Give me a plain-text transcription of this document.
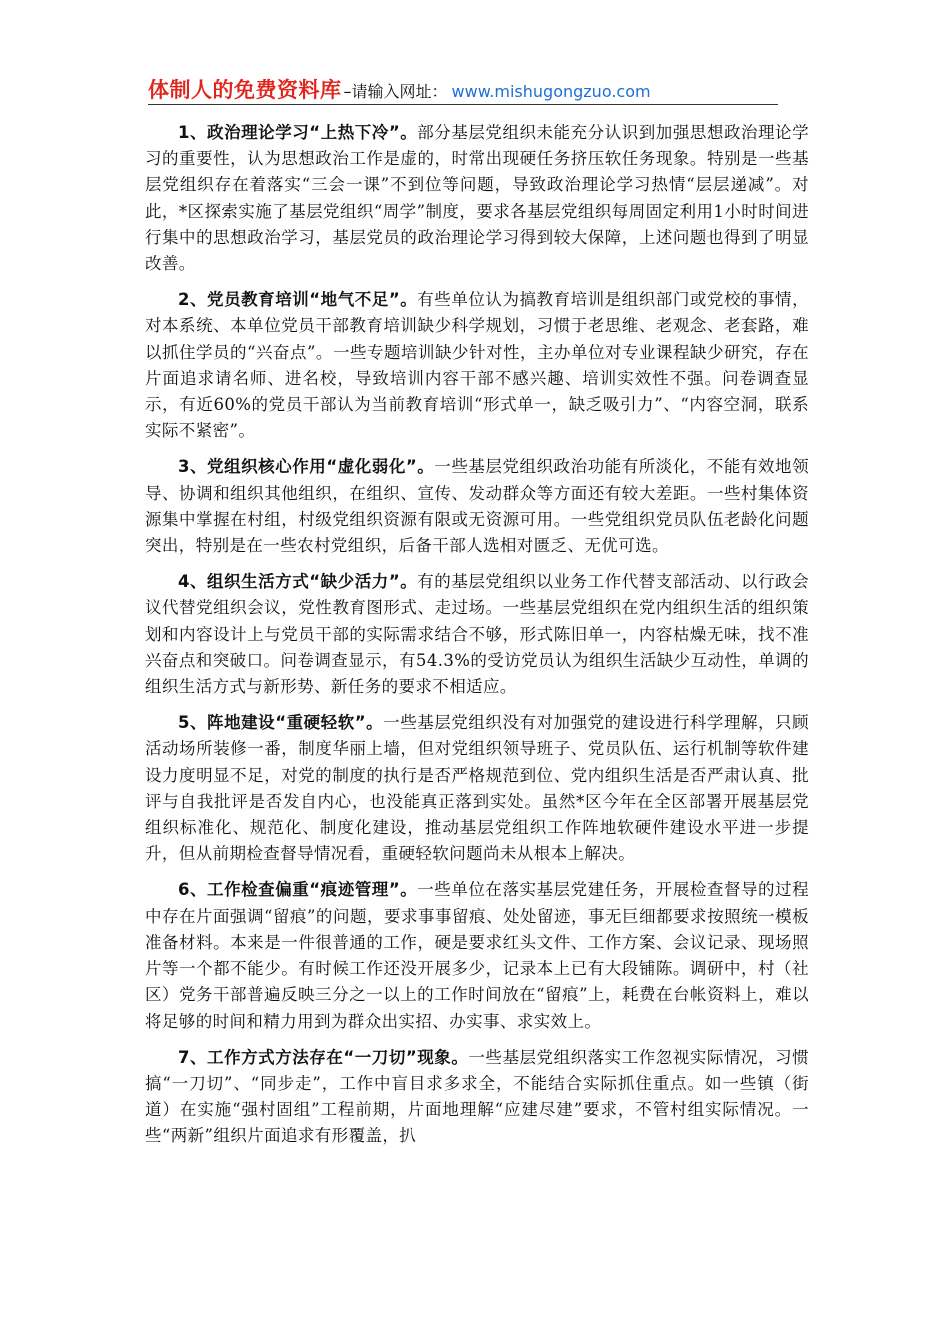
体制人的免费资料库 –请输入网址： www.mishugongzuo.com

1、政治理论学习“上热下冷”。部分基层党组织未能充分认识到加强思想政治理论学习的重要性，认为思想政治工作是虚的，时常出现硬任务挤压软任务现象。特别是一些基层党组织存在着落实“三会一课”不到位等问题，导致政治理论学习热情“层层递减”。对此，*区探索实施了基层党组织“周学”制度，要求各基层党组织每周固定利用1小时时间进行集中的思想政治学习，基层党员的政治理论学习得到较大保障，上述问题也得到了明显改善。

2、党员教育培训“地气不足”。有些单位认为搞教育培训是组织部门或党校的事情，对本系统、本单位党员干部教育培训缺少科学规划，习惯于老思维、老观念、老套路，难以抓住学员的“兴奋点”。一些专题培训缺少针对性，主办单位对专业课程缺少研究，存在片面追求请名师、进名校，导致培训内容干部不感兴趣、培训实效性不强。问卷调查显示，有近60%的党员干部认为当前教育培训“形式单一，缺乏吸引力”、“内容空洞，联系实际不紧密”。

3、党组织核心作用“虚化弱化”。一些基层党组织政治功能有所淡化，不能有效地领导、协调和组织其他组织，在组织、宣传、发动群众等方面还有较大差距。一些村集体资源集中掌握在村组，村级党组织资源有限或无资源可用。一些党组织党员队伍老龄化问题突出，特别是在一些农村党组织，后备干部人选相对匮乏、无优可选。

4、组织生活方式“缺少活力”。有的基层党组织以业务工作代替支部活动、以行政会议代替党组织会议，党性教育图形式、走过场。一些基层党组织在党内组织生活的组织策划和内容设计上与党员干部的实际需求结合不够，形式陈旧单一，内容枯燥无味，找不准兴奋点和突破口。问卷调查显示，有54.3%的受访党员认为组织生活缺少互动性，单调的组织生活方式与新形势、新任务的要求不相适应。

5、阵地建设“重硬轻软”。一些基层党组织没有对加强党的建设进行科学理解，只顾活动场所装修一番，制度华丽上墙，但对党组织领导班子、党员队伍、运行机制等软件建设力度明显不足，对党的制度的执行是否严格规范到位、党内组织生活是否严肃认真、批评与自我批评是否发自内心，也没能真正落到实处。虽然*区今年在全区部署开展基层党组织标准化、规范化、制度化建设，推动基层党组织工作阵地软硬件建设水平进一步提升，但从前期检查督导情况看，重硬轻软问题尚未从根本上解决。

6、工作检查偏重“痕迹管理”。一些单位在落实基层党建任务，开展检查督导的过程中存在片面强调“留痕”的问题，要求事事留痕、处处留迹，事无巨细都要求按照统一模板准备材料。本来是一件很普通的工作，硬是要求红头文件、工作方案、会议记录、现场照片等一个都不能少。有时候工作还没开展多少，记录本上已有大段铺陈。调研中，村（社区）党务干部普遍反映三分之一以上的工作时间放在“留痕”上，耗费在台帐资料上，难以将足够的时间和精力用到为群众出实招、办实事、求实效上。

7、工作方式方法存在“一刀切”现象。一些基层党组织落实工作忽视实际情况，习惯搞“一刀切”、“同步走”，工作中盲目求多求全，不能结合实际抓住重点。如一些镇（街道）在实施“强村固组”工程前期，片面地理解“应建尽建”要求，不管村组实际情况。一些“两新”组织片面追求有形覆盖，扒
